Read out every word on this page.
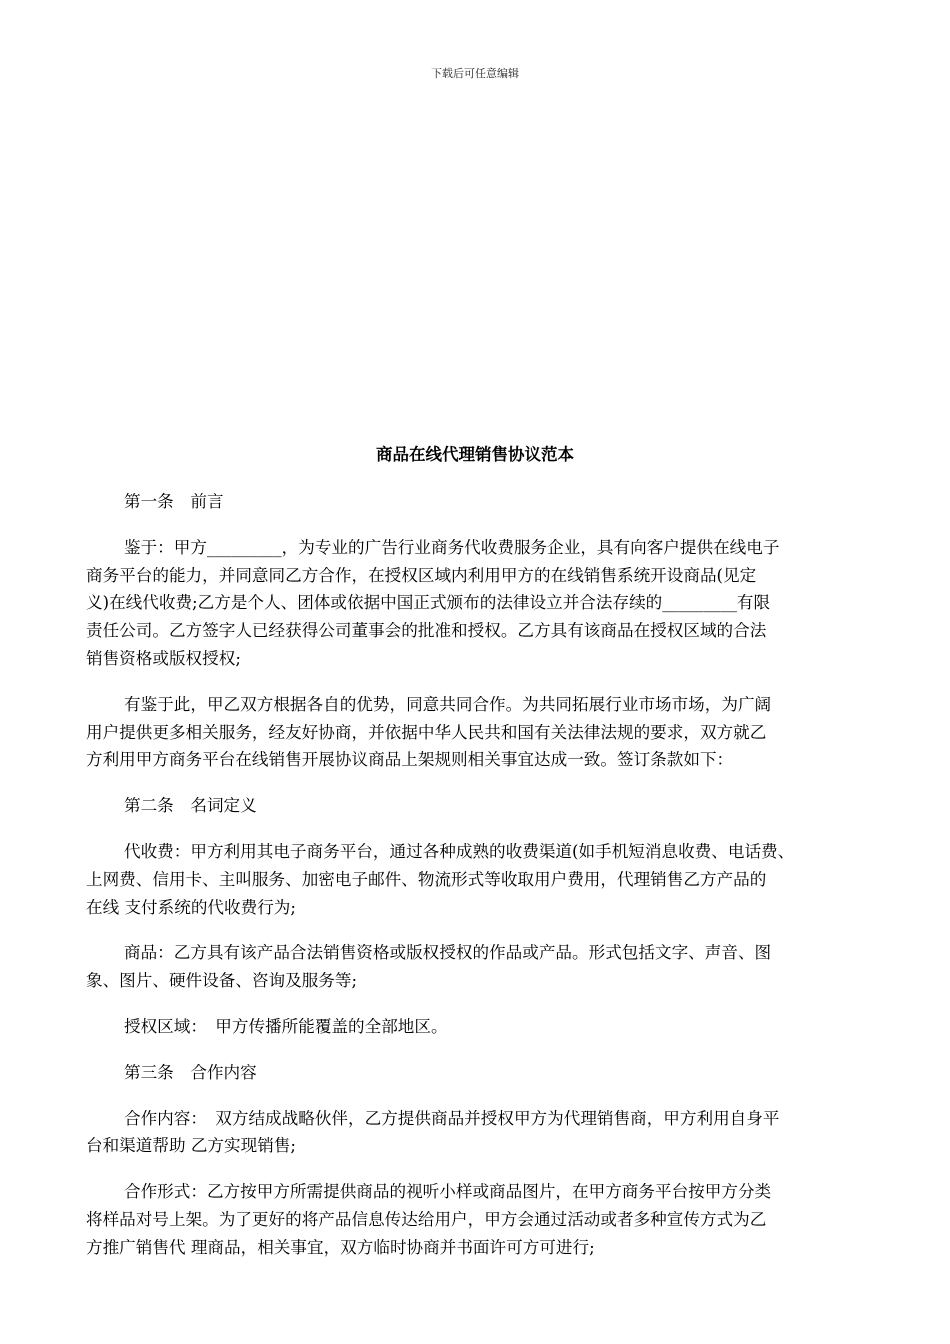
下载后可任意编辑
商品在线代理销售协议范本
第一条　前言
鉴于：甲方_________，为专业的广告行业商务代收费服务企业，具有向客户提供在线电子
商务平台的能力，并同意同乙方合作，在授权区域内利用甲方的在线销售系统开设商品(见定
义)在线代收费;乙方是个人、团体或依据中国正式颁布的法律设立并合法存续的_________有限
责任公司。乙方签字人已经获得公司董事会的批准和授权。乙方具有该商品在授权区域的合法
销售资格或版权授权;
有鉴于此，甲乙双方根据各自的优势，同意共同合作。为共同拓展行业市场市场，为广阔
用户提供更多相关服务，经友好协商，并依据中华人民共和国有关法律法规的要求，双方就乙
方利用甲方商务平台在线销售开展协议商品上架规则相关事宜达成一致。签订条款如下：
第二条　名词定义
代收费：甲方利用其电子商务平台，通过各种成熟的收费渠道(如手机短消息收费、电话费、
上网费、信用卡、主叫服务、加密电子邮件、物流形式等收取用户费用，代理销售乙方产品的
在线 支付系统的代收费行为;
商品：乙方具有该产品合法销售资格或版权授权的作品或产品。形式包括文字、声音、图
象、图片、硬件设备、咨询及服务等;
授权区域：　甲方传播所能覆盖的全部地区。
第三条　合作内容
合作内容：　双方结成战略伙伴，乙方提供商品并授权甲方为代理销售商，甲方利用自身平
台和渠道帮助 乙方实现销售;
合作形式：乙方按甲方所需提供商品的视听小样或商品图片，在甲方商务平台按甲方分类
将样品对号上架。为了更好的将产品信息传达给用户，甲方会通过活动或者多种宣传方式为乙
方推广销售代 理商品，相关事宜，双方临时协商并书面许可方可进行;
